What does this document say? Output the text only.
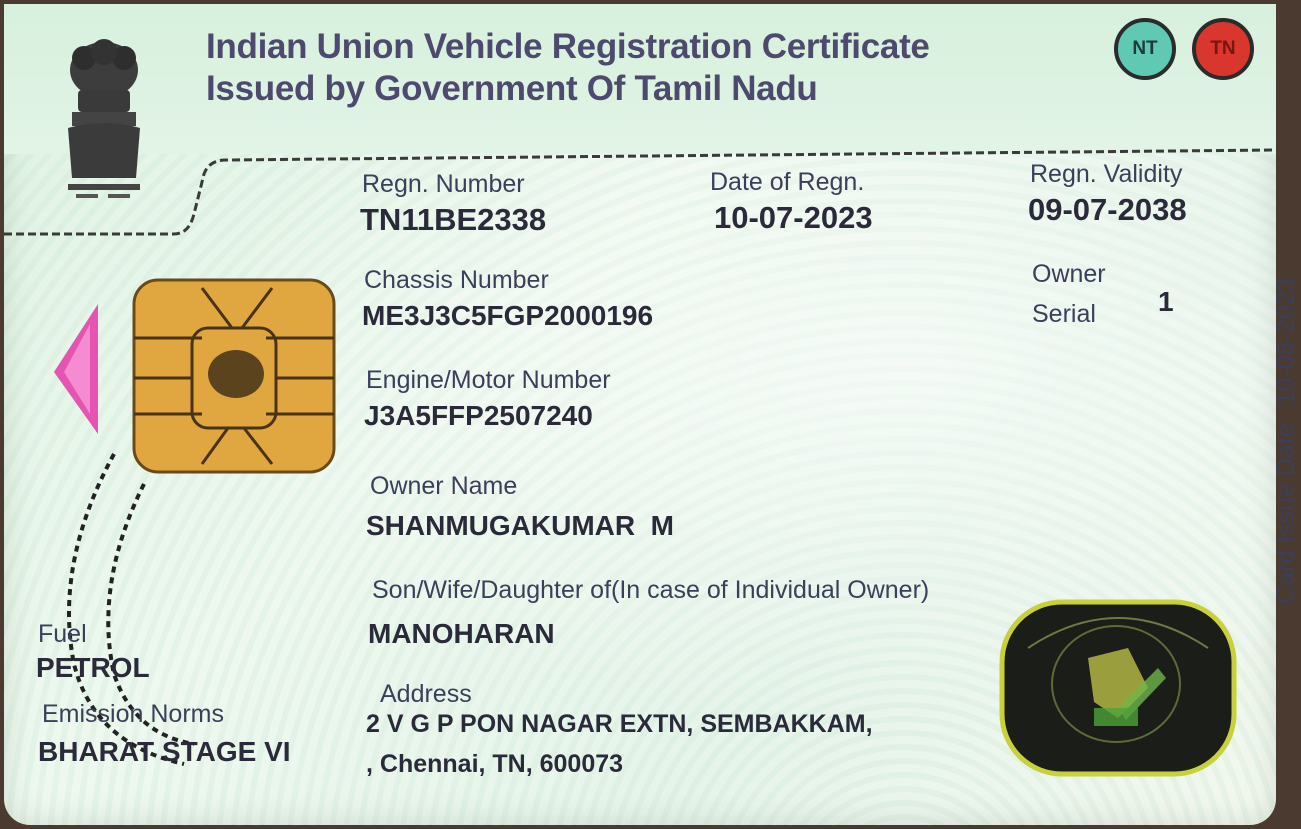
Indian Union Vehicle Registration Certificate
Issued by Government Of Tamil Nadu
NT	TN
Regn. Number
TN11BE2338
Date of Regn.
10-07-2023
Regn. Validity
09-07-2038
Chassis Number
ME3J3C5FGP2000196
Owner
Serial 1
Engine/Motor Number
J3A5FFP2507240
Owner Name
SHANMUGAKUMAR  M
Son/Wife/Daughter of(In case of Individual Owner)
MANOHARAN
Address
2 V G P PON NAGAR EXTN, SEMBAKKAM,
, Chennai, TN, 600073
Fuel
PETROL
Emission Norms
BHARAT STAGE VI
Card Issue Date10-08-2023
